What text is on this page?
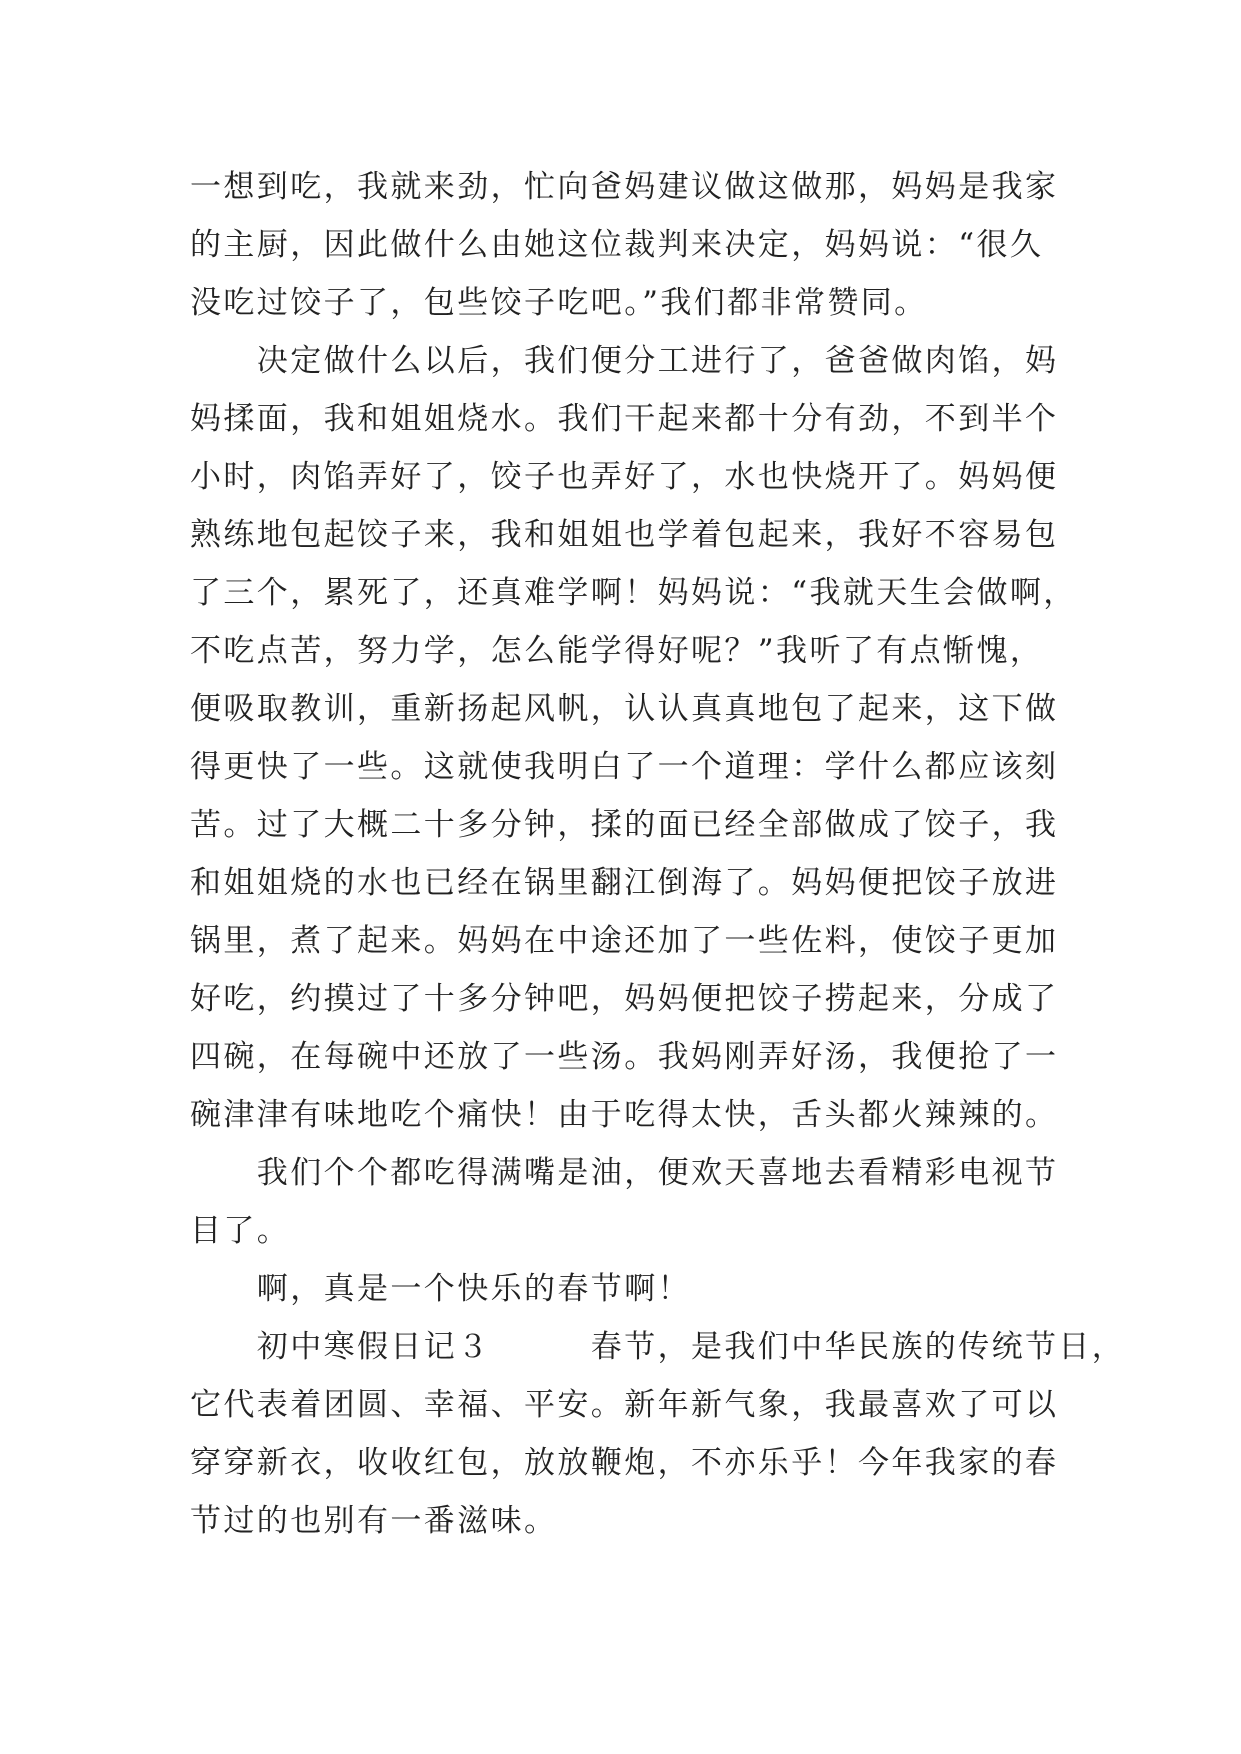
一想到吃，我就来劲，忙向爸妈建议做这做那，妈妈是我家
的主厨，因此做什么由她这位裁判来决定，妈妈说：“很久
没吃过饺子了，包些饺子吃吧。”我们都非常赞同。
　　决定做什么以后，我们便分工进行了，爸爸做肉馅，妈
妈揉面，我和姐姐烧水。我们干起来都十分有劲，不到半个
小时，肉馅弄好了，饺子也弄好了，水也快烧开了。妈妈便
熟练地包起饺子来，我和姐姐也学着包起来，我好不容易包
了三个，累死了，还真难学啊！妈妈说：“我就天生会做啊，
不吃点苦，努力学，怎么能学得好呢？”我听了有点惭愧，
便吸取教训，重新扬起风帆，认认真真地包了起来，这下做
得更快了一些。这就使我明白了一个道理：学什么都应该刻
苦。过了大概二十多分钟，揉的面已经全部做成了饺子，我
和姐姐烧的水也已经在锅里翻江倒海了。妈妈便把饺子放进
锅里，煮了起来。妈妈在中途还加了一些佐料，使饺子更加
好吃，约摸过了十多分钟吧，妈妈便把饺子捞起来，分成了
四碗，在每碗中还放了一些汤。我妈刚弄好汤，我便抢了一
碗津津有味地吃个痛快！由于吃得太快，舌头都火辣辣的。
　　我们个个都吃得满嘴是油，便欢天喜地去看精彩电视节
目了。
　　啊，真是一个快乐的春节啊！
　　初中寒假日记３　　　春节，是我们中华民族的传统节日，
它代表着团圆、幸福、平安。新年新气象，我最喜欢了可以
穿穿新衣，收收红包，放放鞭炮，不亦乐乎！今年我家的春
节过的也别有一番滋味。
